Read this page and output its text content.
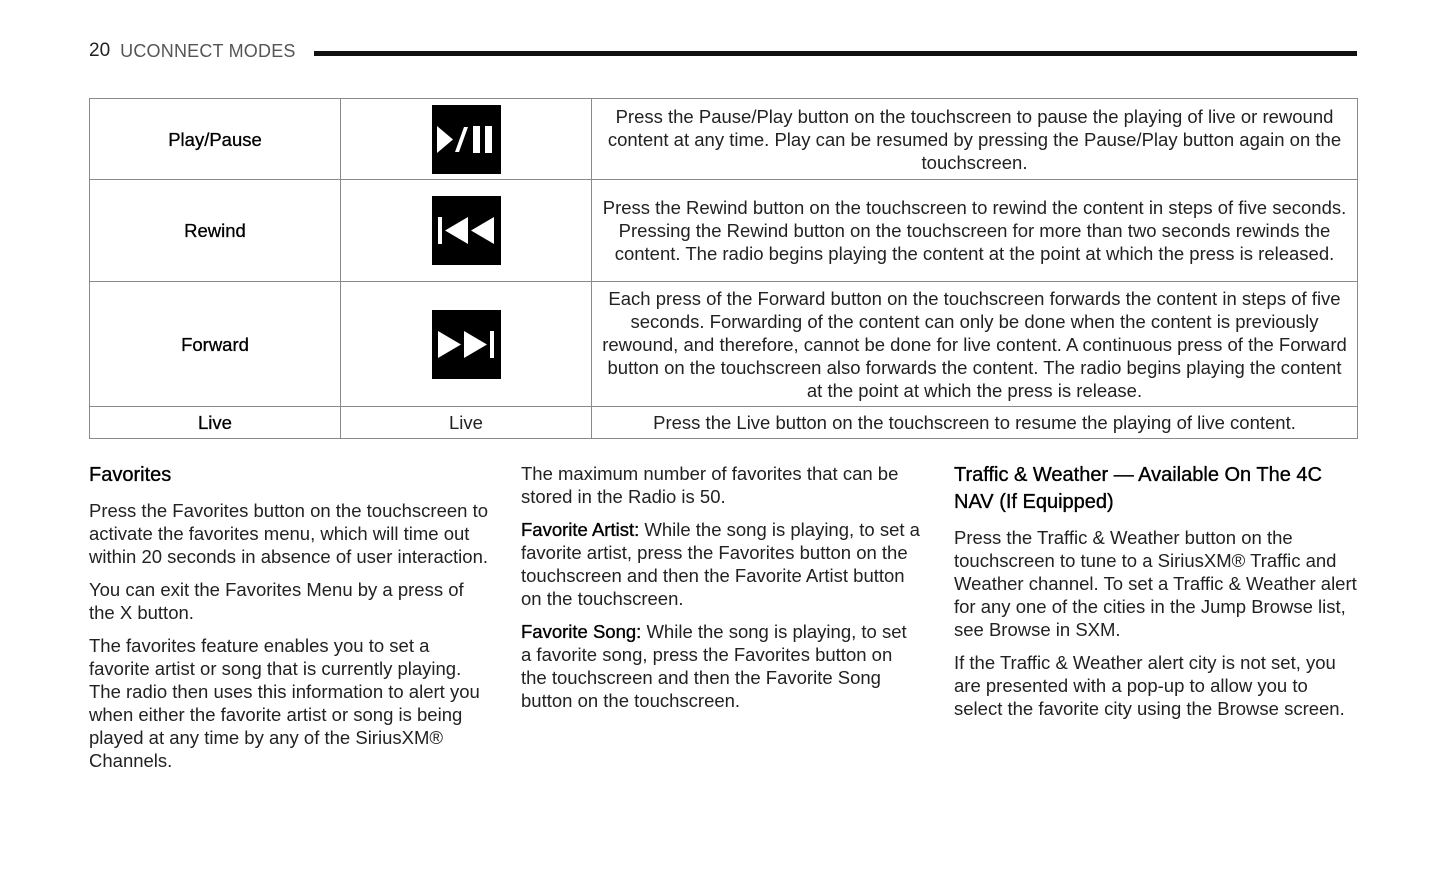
20 UCONNECT MODES
Play/Pause		Press the Pause/Play button on the touchscreen to pause the playing of live or rewound content at any time. Play can be resumed by pressing the Pause/Play button again on the touchscreen.
Rewind		Press the Rewind button on the touchscreen to rewind the content in steps of five seconds. Pressing the Rewind button on the touchscreen for more than two seconds rewinds the content. The radio begins playing the content at the point at which the press is released.
Forward		Each press of the Forward button on the touchscreen forwards the content in steps of five seconds. Forwarding of the content can only be done when the content is previously rewound, and therefore, cannot be done for live content. A continuous press of the Forward button on the touchscreen also forwards the content. The radio begins playing the content at the point at which the press is release.
Live	Live	Press the Live button on the touchscreen to resume the playing of live content.
Favorites

Press the Favorites button on the touchscreen to activate the favorites menu, which will time out within 20 seconds in absence of user interaction.

You can exit the Favorites Menu by a press of the X button.

The favorites feature enables you to set a favorite artist or song that is currently playing. The radio then uses this information to alert you when either the favorite artist or song is being played at any time by any of the SiriusXM® Channels.

The maximum number of favorites that can be stored in the Radio is 50.

Favorite Artist: While the song is playing, to set a favorite artist, press the Favorites button on the touchscreen and then the Favorite Artist button on the touchscreen.

Favorite Song: While the song is playing, to set a favorite song, press the Favorites button on the touchscreen and then the Favorite Song button on the touchscreen.

Traffic & Weather — Available On The 4C NAV (If Equipped)

Press the Traffic & Weather button on the touchscreen to tune to a SiriusXM® Traffic and Weather channel. To set a Traffic & Weather alert for any one of the cities in the Jump Browse list, see Browse in SXM.

If the Traffic & Weather alert city is not set, you are presented with a pop-up to allow you to select the favorite city using the Browse screen.
